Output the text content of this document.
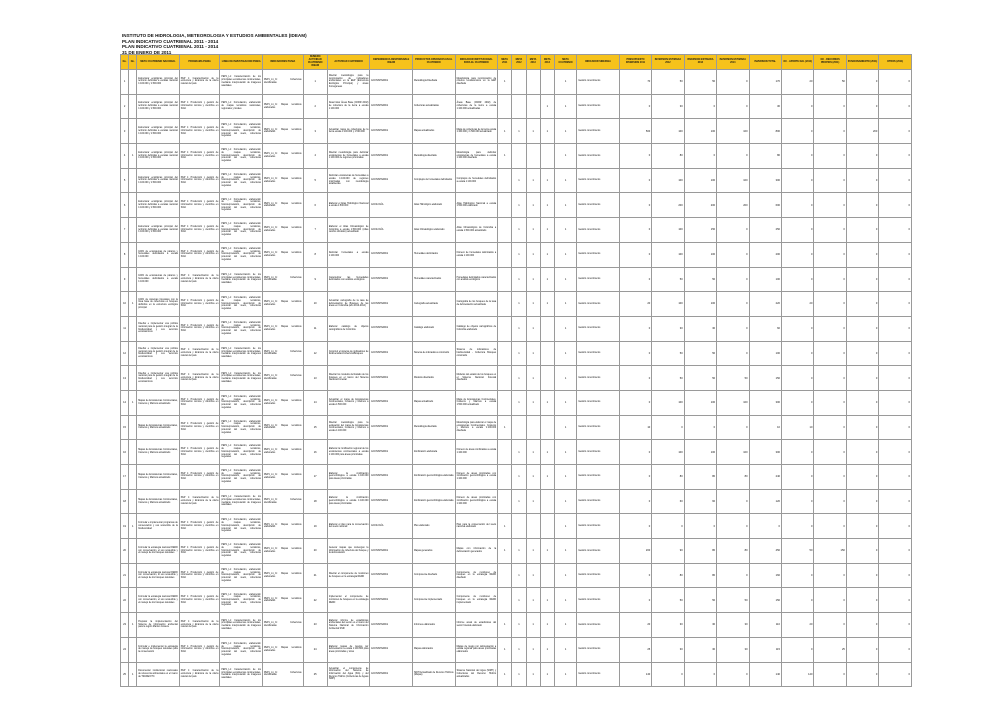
INSTITUTO DE HIDROLOGIA, METEOROLOGIA Y ESTUDIOS AMBIENTALES (IDEAM)
PLAN INDICATIVO CUATRIENAL 2011 - 2014
PLAN INDICATIVO CUATRIENAL 2011 - 2014
31 DE ENERO DE 2011
No.	No.	META CUATRIENIO NACIONAL	PROGRAMA PGNIA	LINEA DE INVESTIGACION PGNIA	INDICADORES PGNIA	NUMERO ACTIVIDAD CUATRIENIO IDEAM	ACTIVIDAD CUATRIENIO	DEPENDENCIA RESPONSABLE IDEAM	PRODUCTOS OPERADOS EN EL CUATRENIO	INDICADOR INSTITUCIONAL PARA EL CUATRENIO	META 2011	META 2012	META 2013	META 2014	META CUATRENIO	INDICADOR SINERGIA	PRESUPUESTO INVERSION 2011	INVERSION ESTIMADA 2012	INVERSION ESTIMADA 2013	INVERSION ESTIMADA 2014	INVERSION TOTAL	OC - APORTE NAL (2011)	OC - RECURSOS PROPIOS (2011)	FUNCIONAMIENTO (2011)	OTROS (2011)
1		Estructurar ecológicas principal del territorio definidas a escalas nacional 1:100.000 y 1:500.000	PEP 1: Caracterización de la estructura y dinámica de la oferta natural del país	PEP1_L1: Caracterización de los principales ecosistemas continentales, mediante interpretación de imágenes satelitales	PEP1_L1_I1: Coberturas identificadas	1	Diseñar metodología para la incorporación de indicadores ambientales en la EEP (Estructura Ecológica Principal) y áreas homogéneas	ECOSISTEMAS	Metodología Diseñada	Metodología para incorporación de criterios ecosistémicos en la EEP diseñada	1				1	Gestión conocimiento	70	50	50	0	170	20	50	0	0
2		Estructurar ecológicas principal del territorio definidas a escalas nacional 1:100.000 y 1:500.000	PEP 1: Producción y gestión de información técnica y científica en SIAC	PEP1_L1: Formulación, elaboración de mapas temáticos nacionales, regionales y locales	PEP1_L1_I1: Mapas temáticos elaborados	2	Determinar Áreas Base (CNRR 2002) de cobertura de la tierra a escala 1:100.000	ECOSISTEMAS	Coberturas actualizadas	Áreas Base (CNRR 2002) de coberturas de la tierra a escala 1:100.000 actualizadas				1	1	Gestión conocimiento	0	30	0	0	30	0	0	0	0
3		Estructurar ecológicas principal del territorio definidas a escalas nacional 1:100.000 y 1:500.000	PEP 1: Producción y gestión de información técnica y científica en SIAC	PEP1_L1: Formulación, elaboración de mapas temáticos, fotointerpretación, descripción de potencial del suelo, coberturas vegetales	PEP1_L1_I1: Mapas temáticos elaborados	3	Actualizar mapa de coberturas de la tierra escala 1:100.000 y 1:500.000	ECOSISTEMAS	Mapas actualizados	Mapa de coberturas de la tierra escala 1:100.000 y 1:500.000 actualizado	1	1	1	1	1	Gestión conocimiento	500	100	100	100	800	0	0	200	0
4	1	Estructurar ecológicas principal del territorio definidas a escalas nacional 1:100.000 y 1:500.000	PEP 1: Producción y gestión de información técnica y científica en SIAC	PEP1_L1: Formulación, elaboración de mapas temáticos, fotointerpretación, descripción de potencial del suelo, coberturas vegetales	PEP1_L1_I1: Mapas temáticos elaborados	4	Diseñar metodología para delimitar ecosistemas de humedales a escala 1:100.000 de regiones priorizadas	ECOSISTEMAS	Metodología diseñada	Metodología para delimitar ecosistemas de humedales a escala 1:100.000 diseñada	1				1	Gestión conocimiento	0	80	0	0	80	0	0	0	0
5		Estructurar ecológicas principal del territorio definidas a escalas nacional 1:100.000 y 1:500.000	PEP 1: Producción y gestión de información técnica y científica en SIAC	PEP1_L1: Formulación, elaboración de mapas temáticos, fotointerpretación, descripción de potencial del suelo, coberturas vegetales	PEP1_L1_I1: Mapas temáticos elaborados	5	Delimitar ecosistemas de humedales a escala 1:100.000 de regiones priorizadas con metodología establecida	ECOSISTEMAS	Complejos de humedales delimitados	Complejos de humedales delimitados a escala 1:100.000		1	1	1	1	Gestión conocimiento	0	100	100	100	300	0	0	0	0
6		Estructurar ecológicas principal del territorio definidas a escalas nacional 1:100.000 y 1:500.000	PEP 1: Producción y gestión de información técnica y científica en SIAC	PEP1_L1: Formulación, elaboración de mapas temáticos, fotointerpretación, descripción de potencial del suelo, coberturas vegetales	PEP1_L1_I1: Mapas temáticos elaborados	6	Elaborar el Atlas Hidrológico Nacional a escala 1:500.000	ECOLOGÍA	Atlas Hidrológico elaborado	Atlas Hidrológico Nacional a escala 1:500.000 elaborado		1	1	1	1	Gestión conocimiento	0	200	200	200	600	0	0	0	0
7		Estructurar ecológicas principal del territorio definidas a escalas nacional 1:100.000 y 1:500.000	PEP 1: Producción y gestión de información técnica y científica en SIAC	PEP1_L1: Formulación, elaboración de mapas temáticos, fotointerpretación, descripción de potencial del suelo, coberturas vegetales	PEP1_L1_I1: Mapas temáticos elaborados	7	Elaborar el Atlas Climatológico de Colombia a escala 1:500.000 (Atlas cambio climático) actualizado	ECOLOGÍA	Atlas Climatológico elaborado	Atlas Climatológico de Colombia a escala 1:500.000 actualizado		1	1	1	1	Gestión conocimiento	0	100	150	0	250	0	0	0	0
8		100% de ecosistemas de páramo y humedales delimitados a escala 1:100.000	PEP 1: Producción y gestión de información técnica y científica en SIAC	PEP1_L1: Formulación, elaboración de mapas temáticos, fotointerpretación, descripción de potencial del suelo, coberturas vegetales	PEP1_L1_I1: Mapas temáticos elaborados	8	Delimitar humedales a escala 1:100.000	ECOSISTEMAS	Humedales delimitados	Número de humedales delimitados a escala 1:100.000		1	1	1	1	Gestión conocimiento	0	100	100	0	200	0	0	0	0
9		100% de ecosistemas de páramo y humedales delimitados a escala 1:100.000	PEP 1: Caracterización de la estructura y dinámica de la oferta natural del país	PEP1_L1: Caracterización de los principales ecosistemas continentales, mediante interpretación de imágenes satelitales	PEP1_L1_I1: Coberturas identificadas	9	Caracterizar las humedades delimitados con análisis ecológicos	ECOSISTEMAS	Humedales caracterizados	Humedales delimitados caracterizados con análisis ecológicos		1	1	1	1	Gestión conocimiento	0	50	50	0	100	0	0	0	0
10	1	100% de sistemas forestales con la línea base de coberturas en bosques definidos en la estructura ecológica principal	PEP 1: Producción y gestión de información técnica y científica en SIAC	PEP1_L1: Formulación, elaboración de mapas temáticos, fotointerpretación, descripción de potencial del suelo, coberturas vegetales	PEP1_L1_I1: Mapas temáticos elaborados	10	Actualizar cartografía de la tasa de deforestación de Bosques de las áreas en Colombia (año 2010-2014)	ECOSISTEMAS	Cartografía actualizada	Cartografía de los bosques de la tasa de deforestación actualizada		1	1	1	1	Gestión conocimiento	20	100	100	0	220	20	0	0	0
11		Diseñar e implementar una política nacional para la gestión integral de la biodiversidad y sus servicios ecosistémicos	PEP 1: Producción y gestión de información técnica y científica en SIAC	PEP1_L1: Formulación, elaboración de mapas temáticos, fotointerpretación, descripción de potencial del suelo, coberturas vegetales	PEP1_L1_I1: Mapas temáticos elaborados	11	Elaborar catálogo de objetos cartográficos de Colombia	ECOSISTEMAS	Catálogo elaborado	Catálogo de objetos cartográficos de Colombia elaborado		1	1		1	Gestión conocimiento	0	30	30	0	60	0	0	0	0
12		Diseñar e implementar una política nacional para la gestión integral de la biodiversidad y sus servicios ecosistémicos	PEP 1: Caracterización de la estructura y dinámica de la oferta natural del país	PEP1_L1: Caracterización de los principales ecosistemas continentales, mediante interpretación de imágenes satelitales	PEP1_L1_I1: Coberturas identificadas	12	Construir el sistema de indicadores de biodiversidad-Cobertura/Bosques	ECOSISTEMAS	Sistema de indicadores construido	Sistema de indicadores de biodiversidad - Cobertura Bosques construido		1	1		1	Gestión conocimiento	0	50	50	0	100	0	0	0	0
13		Diseñar e implementar una política nacional para la gestión integral de la biodiversidad y sus servicios ecosistémicos	PEP 1: Caracterización de la estructura y dinámica de la oferta natural del país	PEP1_L1: Caracterización de los principales ecosistemas continentales, mediante interpretación de imágenes satelitales	PEP1_L1_I1: Coberturas identificadas	13	Diseñar los modelos del Estado de los bosques en el marco del Sistema Nacional Forestal	ECOSISTEMAS	Modelos diseñados	Modelos del estado de los bosques en el Sistema Nacional Forestal diseñados		1	1		1	Gestión conocimiento	0	50	50	50	150	0	0	0	0
14	1	Mapas de Ecosistemas Continentales, Costeros y Marinos actualizado	PEP 1: Producción y gestión de información técnica y científica en SIAC	PEP1_L1: Formulación, elaboración de mapas temáticos, fotointerpretación, descripción de potencial del suelo, coberturas vegetales	PEP1_L1_I1: Mapas temáticos elaborados	14	Actualizar el mapa de Ecosistemas Continentales, Costeros y Marinos a escala 1:500.000	ECOSISTEMAS	Mapas actualizado	Mapa de Ecosistemas Continentales, Costeros y Marinos a escala 1:500.000 actualizado		1	1	1	1	Gestión conocimiento	0	100	100	100	300	0	0	0	0
15		Mapas de Ecosistemas Continentales, Costeros y Marinos actualizado	PEP 1: Producción y gestión de información técnica y científica en SIAC	PEP1_L1: Formulación, elaboración de mapas temáticos, fotointerpretación, descripción de potencial del suelo, coberturas vegetales	PEP1_L1_I1: Mapas temáticos elaborados	15	Diseñar metodología para la evaluación del mapa de Ecosistemas Continentales, Costeros y Marinos a escala 1:100.000	ECOSISTEMAS	Metodología diseñada	Metodología para elaborar el mapa de ecosistemas Continentales, Costeros y Marinos a escala 1:100.000 diseñada	1				1	Gestión conocimiento	10	0	0	0	10	10	0	0	0
16		Mapas de Ecosistemas Continentales, Costeros y Marinos actualizado	PEP 1: Producción y gestión de información técnica y científica en SIAC	PEP1_L1: Formulación, elaboración de mapas temáticos, fotointerpretación, descripción de potencial del suelo, coberturas vegetales	PEP1_L1_I1: Mapas temáticos elaborados	16	Elaborar la zonificación regional de los ecosistemas continentales a escala 1:100.000 para áreas priorizadas	ECOSISTEMAS	Zonificación elaborada	Número de áreas zonificadas a escala 1:100.000		1	1	1	1	Gestión conocimiento	0	100	100	100	300	0	0	0	0
17		Mapas de Ecosistemas Continentales, Costeros y Marinos actualizado	PEP 1: Producción y gestión de información técnica y científica en SIAC	PEP1_L1: Formulación, elaboración de mapas temáticos, fotointerpretación, descripción de potencial del suelo, coberturas vegetales	PEP1_L1_I1: Mapas temáticos elaborados	17	Elaborar la zonificación geomorfológica a escala 1:100.000 para áreas priorizadas	ECOSISTEMAS	Zonificación geomorfológica elaborada	Número de áreas priorizadas con zonificación geomorfológica a escala 1:100.000		1	1	1	1	Gestión conocimiento	0	80	80	80	240	0	0	0	0
18		Mapas de Ecosistemas Continentales, Costeros y Marinos actualizado	PEP 1: Caracterización de la estructura y dinámica de la oferta natural del país	PEP1_L1: Caracterización de los principales ecosistemas continentales, mediante interpretación de imágenes satelitales	PEP1_L1_I1: Coberturas identificadas	18	Elaborar la zonificación geomorfológica a escala 1:100.000 para áreas priorizadas	ECOSISTEMAS	Zonificación geomorfológica elaborada	Número de áreas priorizadas con zonificación geomorfológica a escala 1:100.000		1	1		1	Gestión conocimiento	0	60	60	0	120	0	0	0	0
19	1	Formular e implementar programas de conservación y uso sostenible de la biodiversidad	PEP 1: Producción y gestión de información técnica y científica en SIAC	PEP1_L1: Formulación, elaboración de mapas temáticos, fotointerpretación, descripción de potencial del suelo, coberturas vegetales	PEP1_L1_I1: Mapas temáticos elaborados	19	Elaborar el plan para la conservación del suelo nacional	ECOLOGÍA	Plan elaborado	Plan para la conservación del suelo nacional elaborado	1				1	Gestión conocimiento	0	0	0	0	0	0	0	0	0
20		Formular la estrategia nacional REDD con conservación, el uso sostenible y el manejo de los bosques naturales	PEP 1: Producción y gestión de información técnica y científica en SIAC	PEP1_L1: Formulación, elaboración de mapas temáticos, fotointerpretación, descripción de potencial del suelo, coberturas vegetales	PEP1_L1_I1: Mapas temáticos elaborados	20	Generar mapas que contengan la información de cobertura del bosque y la deforestación	ECOSISTEMAS	Mapas generados	Mapas con información de la deforestación generados	1	1	1	1	1	Gestión conocimiento	200	90	80	80	450	50	150	0	0
21		Formular la estrategia nacional REDD con conservación, el uso sostenible y el manejo de los bosques naturales	PEP 1: Producción y gestión de información técnica y científica en SIAC	PEP1_L1: Formulación, elaboración de mapas temáticos, fotointerpretación, descripción de potencial del suelo, coberturas vegetales	PEP1_L1_I1: Mapas temáticos elaborados	21	Diseñar el componente de monitoreo de bosques en la estrategia REDD	ECOSISTEMAS	Componente diseñado	Componente de monitoreo de bosques en la estrategia REDD diseñado		1	1		1	Gestión conocimiento	0	80	80	0	160	0	0	0	0
22		Formular la estrategia nacional REDD con conservación, el uso sostenible y el manejo de los bosques naturales	PEP 1: Producción y gestión de información técnica y científica en SIAC	PEP1_L1: Formulación, elaboración de mapas temáticos, fotointerpretación, descripción de potencial del suelo, coberturas vegetales	PEP1_L1_I1: Mapas temáticos elaborados	22	Implementar el componente de monitoreo de bosques en la estrategia REDD	ECOSISTEMAS	Componente implementado	Componente de monitoreo de bosques en la estrategia REDD implementado		1	1	1	1	Gestión conocimiento	0	50	50	50	150	0	0	0	0
23	1	Preparar la implementación del Sistema de Información ambiental para la región Marino-Costera	PEP 1: Caracterización de la estructura y dinámica de la oferta natural del país	PEP1_L1: Caracterización de los principales ecosistemas continentales, mediante interpretación de imágenes satelitales	PEP1_L1_I1: Coberturas identificadas	23	Elaborar informe de estadísticas ambientales del sector en el marco del Sistema Nacional de Información Ambiental SNIF	ECOSISTEMAS	Informes elaborados	Informe anual de estadísticas del sector forestal elaborado	1	1	1	1	1	Gestión conocimiento	20	30	30	30	110	20	0	0	0
24		Formular e implementar la estrategia de manejo de bosques naturales para la conservación	PEP 1: Producción y gestión de información técnica y científica en SIAC	PEP1_L1: Formulación, elaboración de mapas temáticos, fotointerpretación, descripción de potencial del suelo, coberturas vegetales	PEP1_L1_I1: Mapas temáticos elaborados	24	Elaborar mapas de riesgos por deforestación a escala 1:100.000 para áreas priorizadas y otras	ECOSISTEMAS	Mapas elaborados	Mapas de riesgo por deforestación a escala regional para áreas priorizadas elaborados	1	1	1	1	1	Gestión conocimiento	25	30	30	30	115	0	25	0	0
25	1	Documentar institucional nacionales de referencia ambientales en el marco de TRADE/OTC	PEP 1: Caracterización de la estructura y dinámica de la oferta natural del país	PEP1_L1: Caracterización de los principales ecosistemas continentales, mediante interpretación de imágenes satelitales	PEP1_L1_I1: Coberturas identificadas	25	Actualizar el componente de información del Sistema de Información del Agua (SIA) y del Recurso Hídrico (Coberturas de Aguas SIRH)	ECOSISTEMAS	SIRH Actualizado de Recurso Hídricos (Mapas)	Sistema Nacional del Agua (SIRH) y Coberturas del Recurso Hídrico actualizados	1	1	1	1	1	Gestión conocimiento	140	0	0	0	140	140	0	0	0
